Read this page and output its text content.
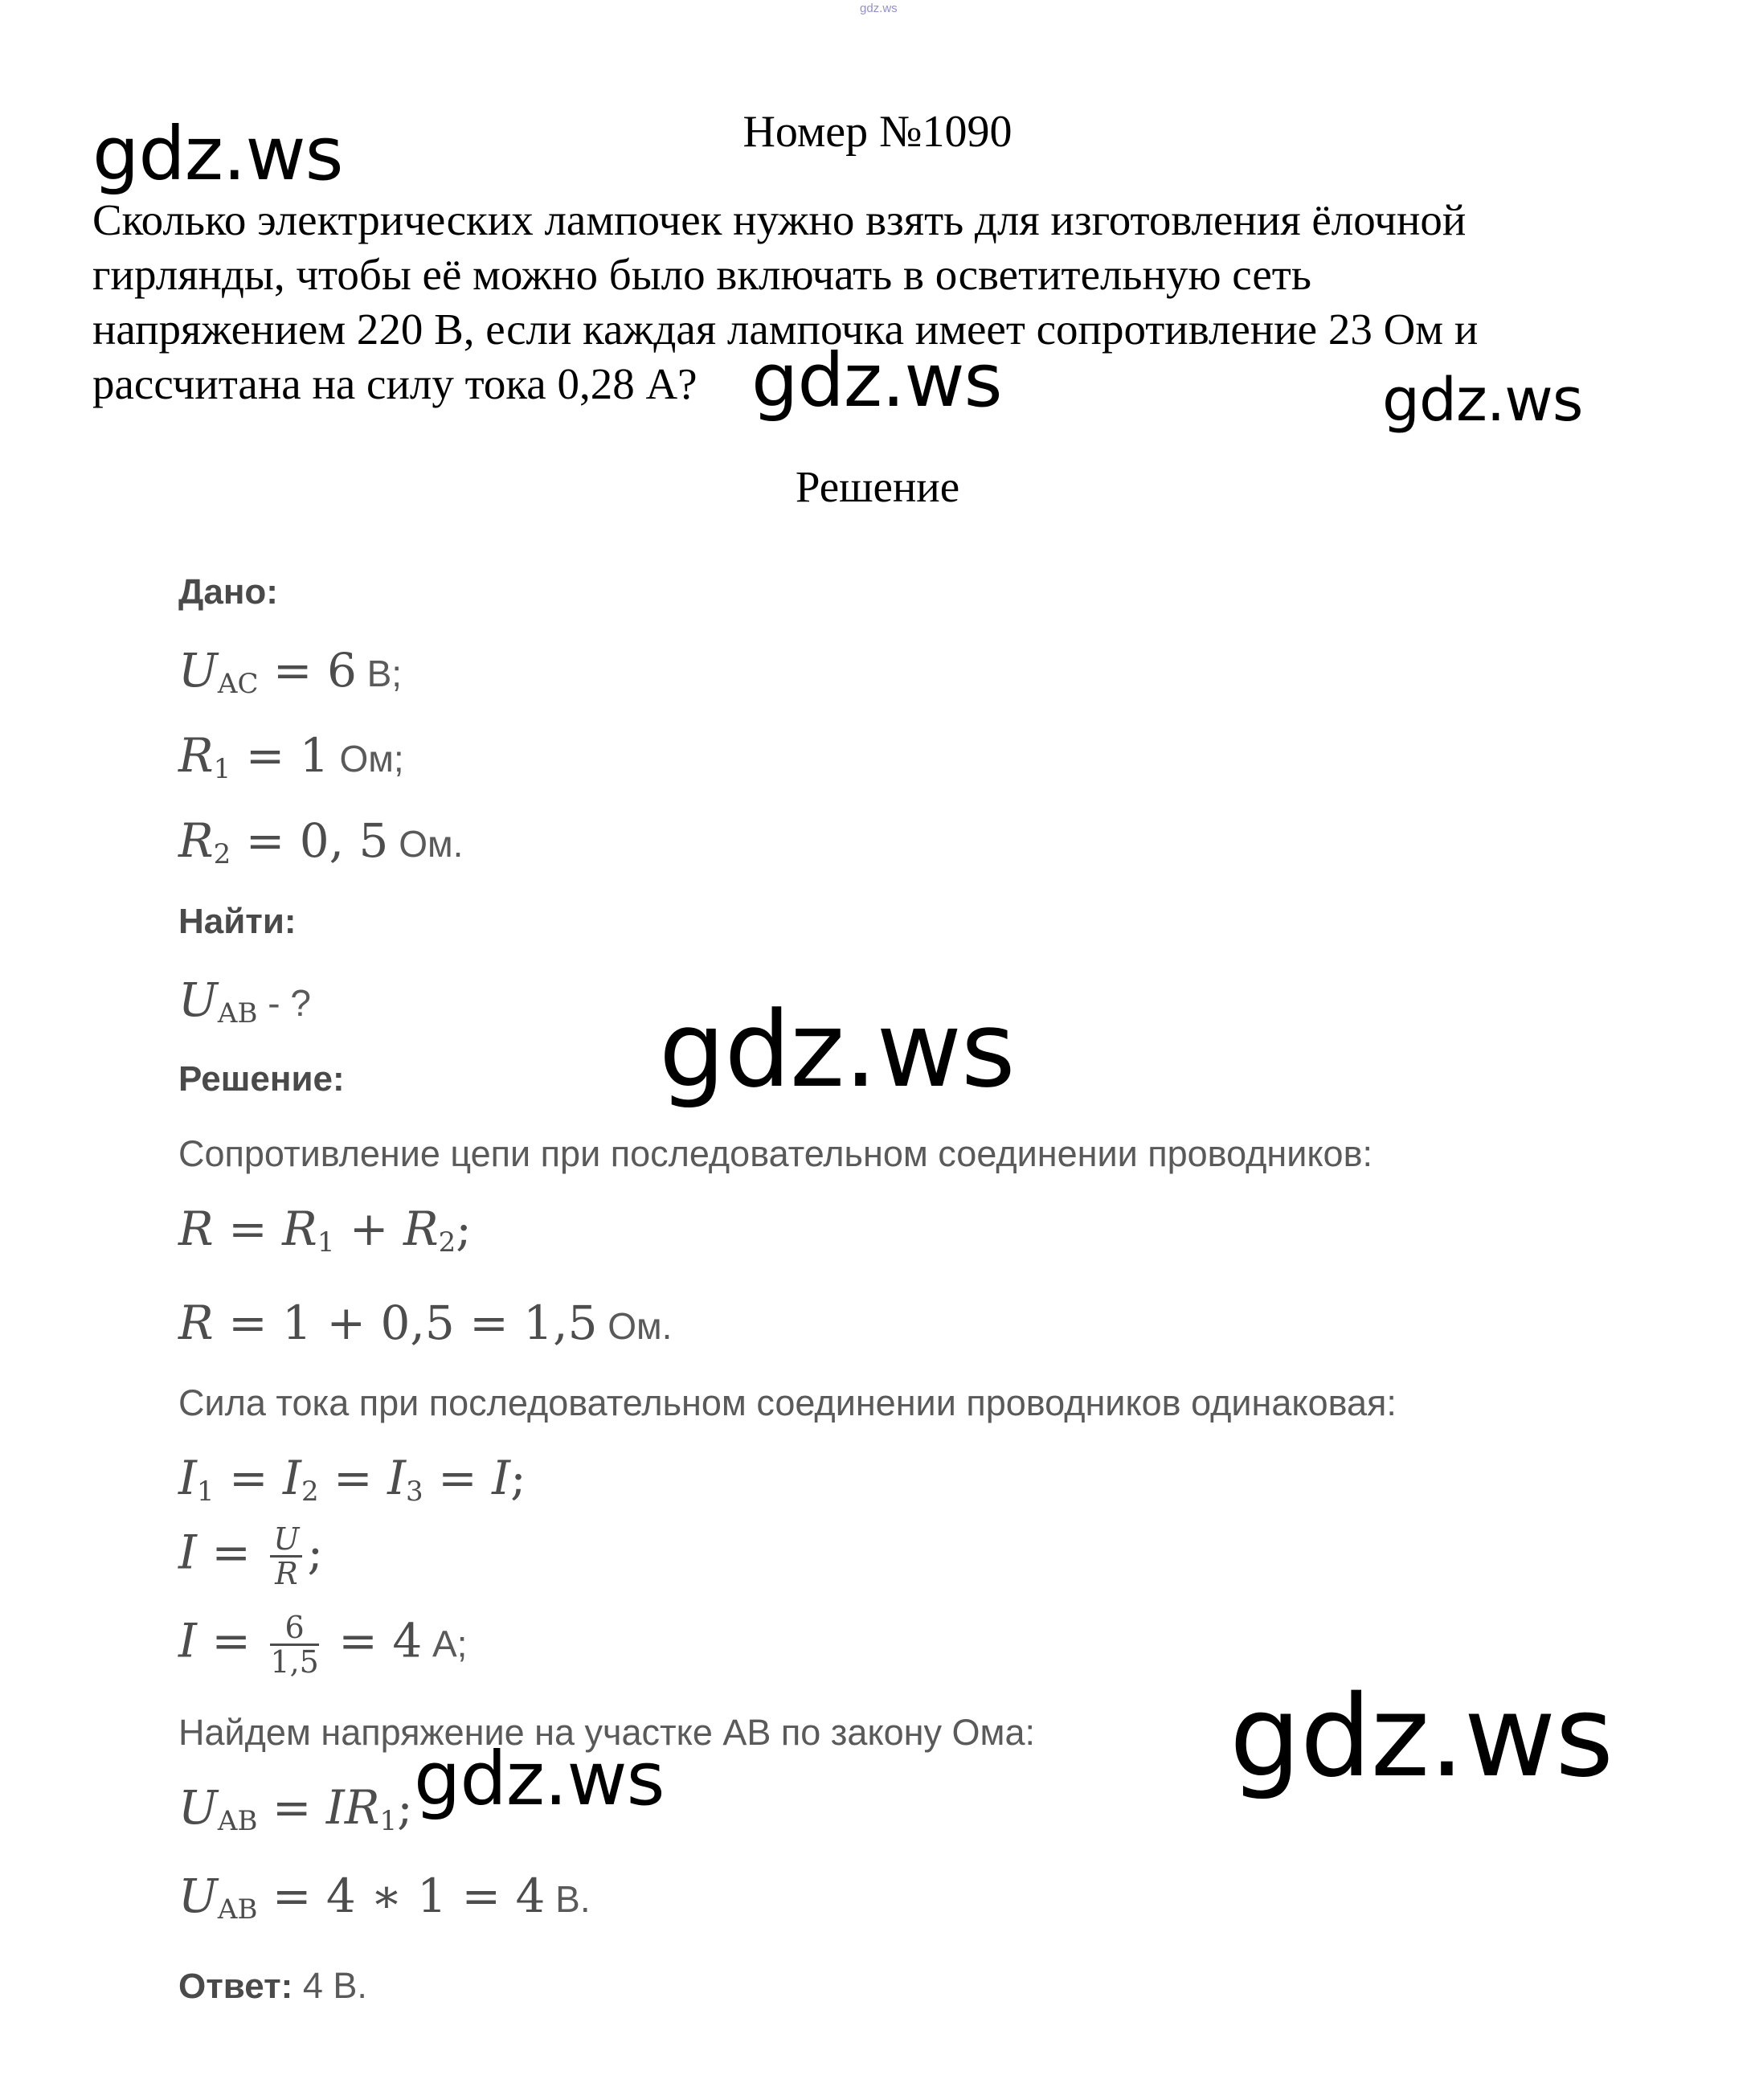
gdz.ws
Номер №1090
Сколько электрических лампочек нужно взять для изготовления ёлочной
гирлянды, чтобы её можно было включать в осветительную сеть
напряжением 220 В, если каждая лампочка имеет сопротивление 23 Ом и
рассчитана на силу тока 0,28 А?
Решение
Дано:
$U_{AC} = 6$ В;
$R_1 = 1$ Ом;
$R_2 = 0$, 5 Ом.
Найти:
$U_{AB}$ - ?
Решение:
Сопротивление цепи при последовательном соединении проводников:
$R = R_1 + R_2$;
R = 1 + 0,5 = 1,5 Ом.
Сила тока при последовательном соединении проводников одинаковая:
$I_1 = I_2 = I_3 = I$;
$I = \frac{U}{R}$ ;
$I = \frac{6}{1,5} = 4$ А;
Найдем напряжение на участке АВ по закону Ома:
$U_{AB} = IR_1$;
$U_{AB} = 4$ ∗ 1 = 4 В.
Ответ: 4 В.
gdz.ws
gdz.ws	gdz.ws
gdz.ws
gdz.ws
gdz.ws
